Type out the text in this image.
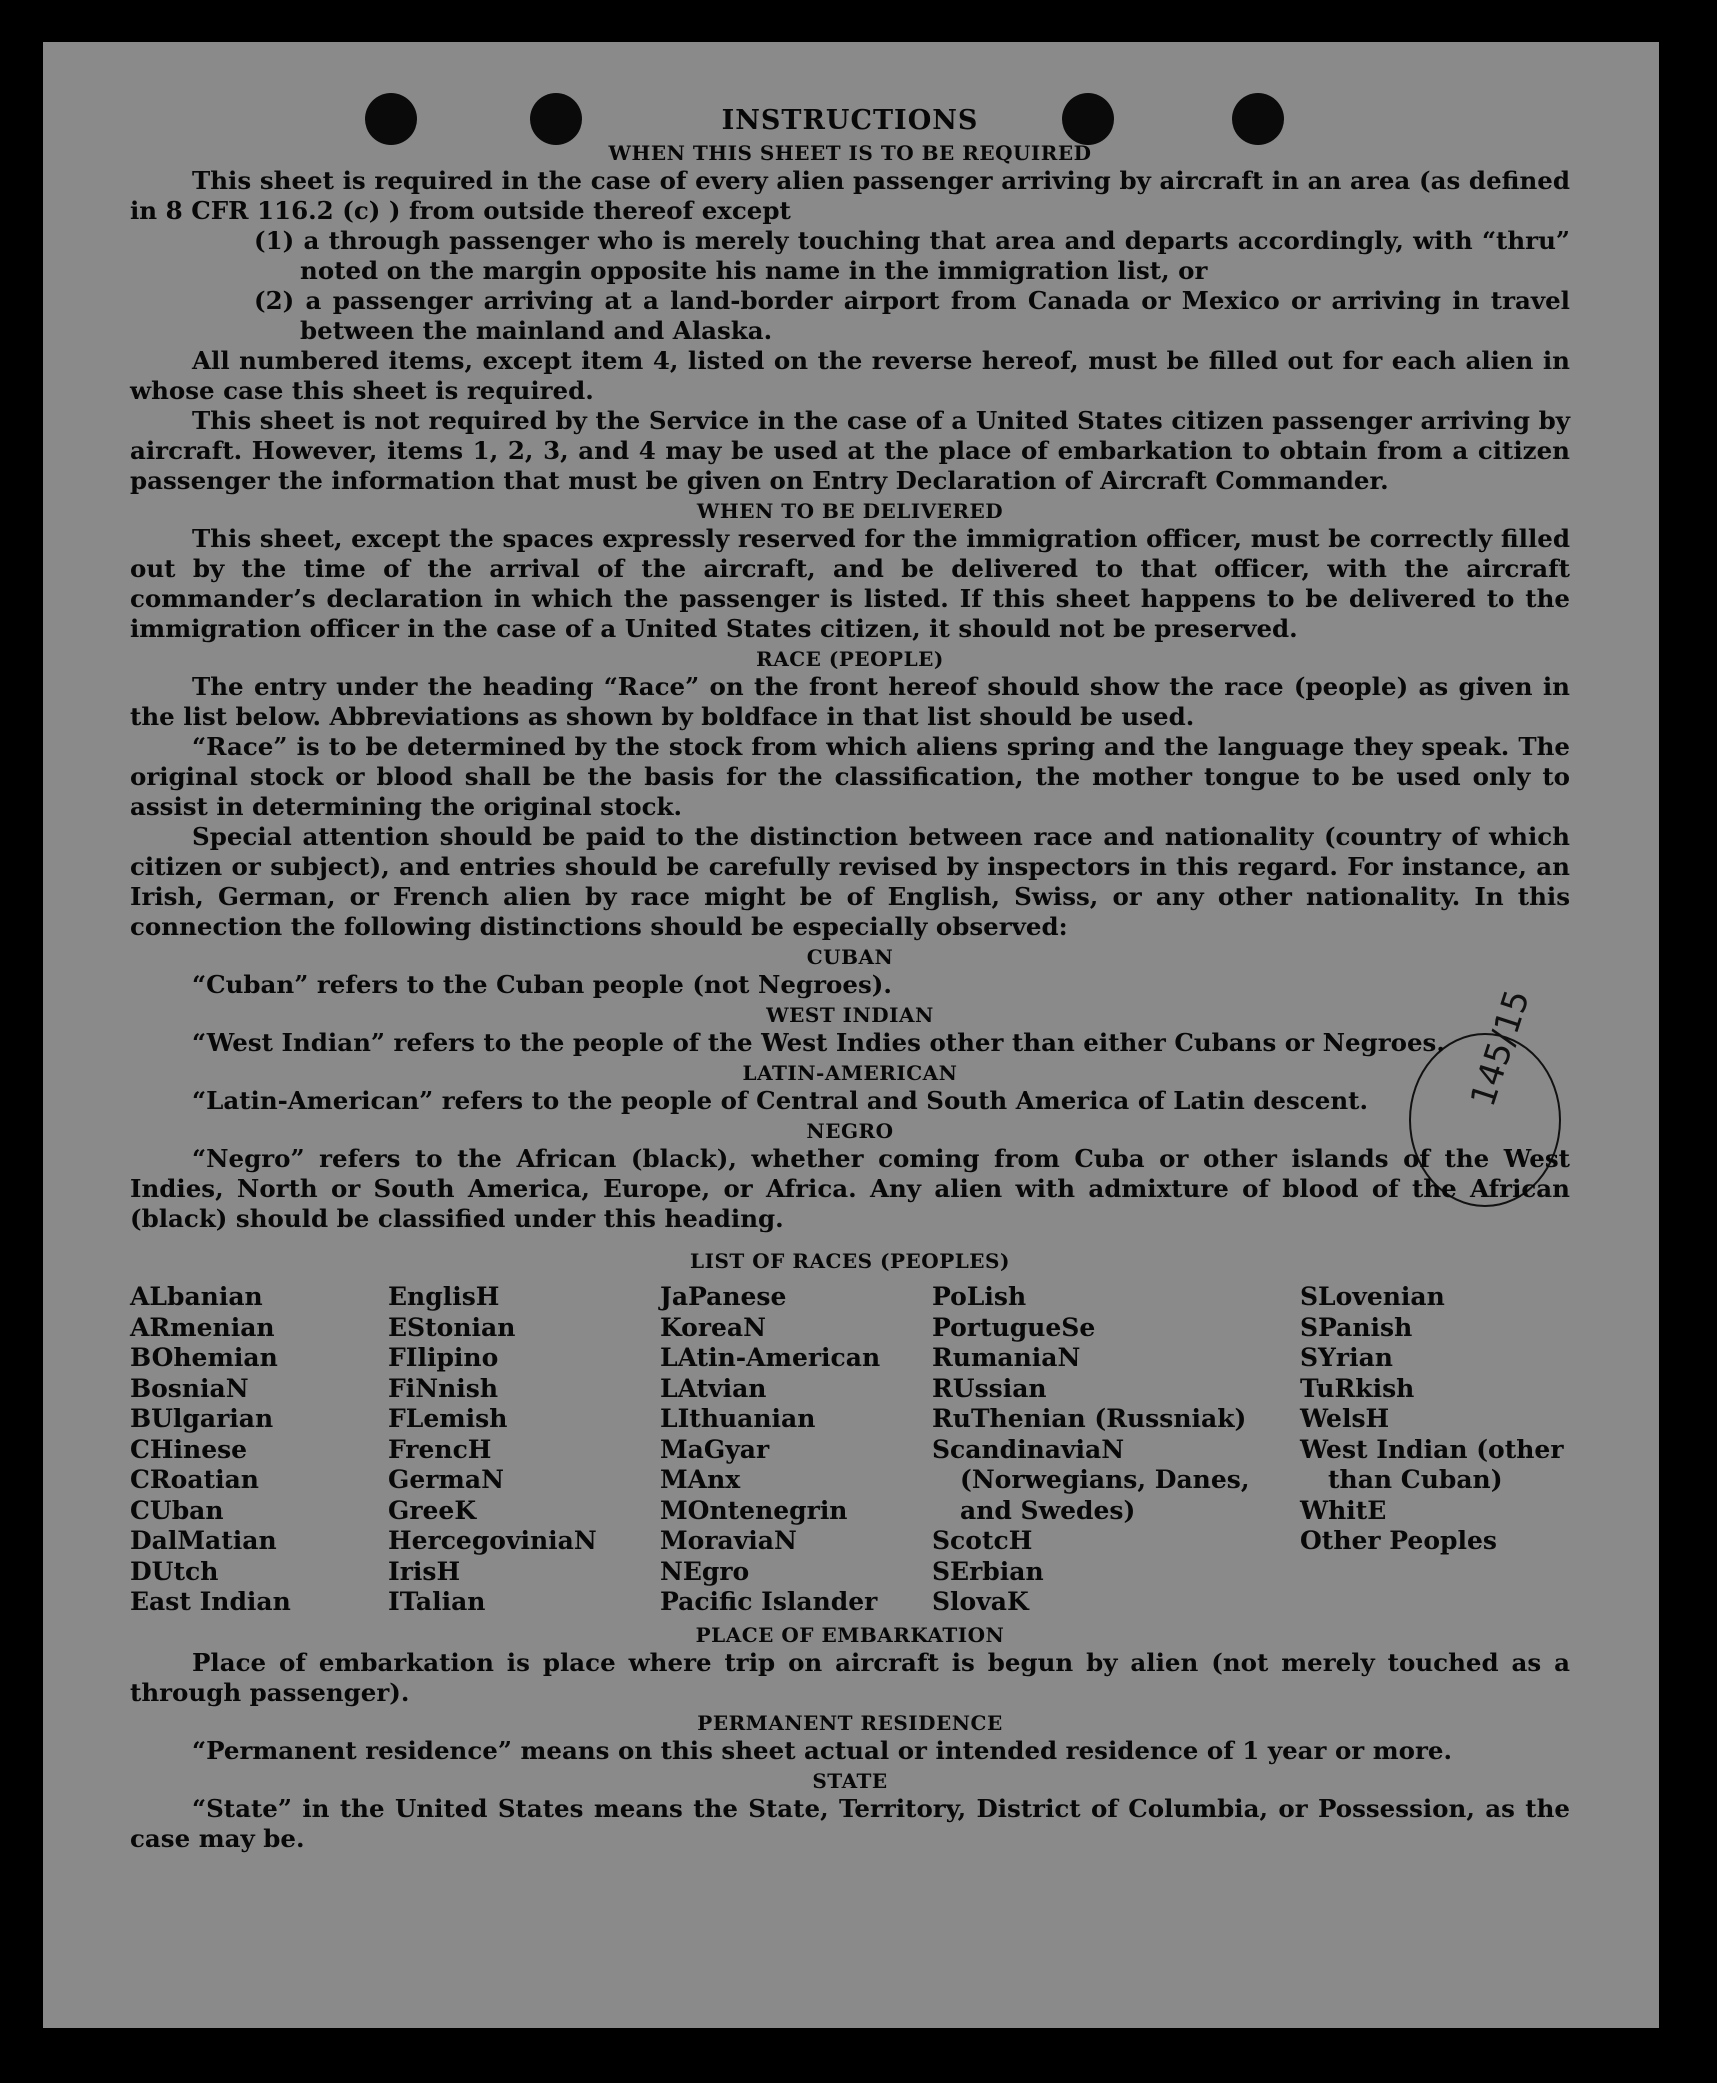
145/15
INSTRUCTIONS
WHEN THIS SHEET IS TO BE REQUIRED

This sheet is required in the case of every alien passenger arriving by aircraft in an area (as defined in 8 CFR 116.2 (c) ) from outside thereof except

(1) a through passenger who is merely touching that area and departs accordingly, with “thru” noted on the margin opposite his name in the immigration list, or

(2) a passenger arriving at a land-border airport from Canada or Mexico or arriving in travel between the mainland and Alaska.

All numbered items, except item 4, listed on the reverse hereof, must be filled out for each alien in whose case this sheet is required.

This sheet is not required by the Service in the case of a United States citizen passenger arriving by aircraft. However, items 1, 2, 3, and 4 may be used at the place of embarkation to obtain from a citizen passenger the information that must be given on Entry Declaration of Aircraft Commander.

WHEN TO BE DELIVERED

This sheet, except the spaces expressly reserved for the immigration officer, must be correctly filled out by the time of the arrival of the aircraft, and be delivered to that officer, with the aircraft commander’s declaration in which the passenger is listed. If this sheet happens to be delivered to the immigration officer in the case of a United States citizen, it should not be preserved.

RACE (PEOPLE)

The entry under the heading “Race” on the front hereof should show the race (people) as given in the list below. Abbreviations as shown by boldface in that list should be used.

“Race” is to be determined by the stock from which aliens spring and the language they speak. The original stock or blood shall be the basis for the classification, the mother tongue to be used only to assist in determining the original stock.

Special attention should be paid to the distinction between race and nationality (country of which citizen or subject), and entries should be carefully revised by inspectors in this regard. For instance, an Irish, German, or French alien by race might be of English, Swiss, or any other nationality. In this connection the following distinctions should be especially observed:

CUBAN

“Cuban” refers to the Cuban people (not Negroes).

WEST INDIAN

“West Indian” refers to the people of the West Indies other than either Cubans or Negroes.

LATIN-AMERICAN

“Latin-American” refers to the people of Central and South America of Latin descent.

NEGRO

“Negro” refers to the African (black), whether coming from Cuba or other islands of the West Indies, North or South America, Europe, or Africa. Any alien with admixture of blood of the African (black) should be classified under this heading.

LIST OF RACES (PEOPLES)
ALbanian
ARmenian
BOhemian
BosniaN
BUlgarian
CHinese
CRoatian
CUban
DalMatian
DUtch
East Indian
EnglisH
EStonian
FIlipino
FiNnish
FLemish
FrencH
GermaN
GreeK
HercegoviniaN
IrisH
ITalian
JaPanese
KoreaN
LAtin-American
LAtvian
LIthuanian
MaGyar
MAnx
MOntenegrin
MoraviaN
NEgro
Pacific Islander
PoLish
PortugueSe
RumaniaN
RUssian
RuThenian (Russniak)
ScandinaviaN (Norwegians, Danes, and Swedes)
ScotcH
SErbian
SlovaK
SLovenian
SPanish
SYrian
TuRkish
WelsH
West Indian (other than Cuban)
WhitE
Other Peoples
PLACE OF EMBARKATION

Place of embarkation is place where trip on aircraft is begun by alien (not merely touched as a through passenger).

PERMANENT RESIDENCE

“Permanent residence” means on this sheet actual or intended residence of 1 year or more.

STATE

“State” in the United States means the State, Territory, District of Columbia, or Possession, as the case may be.
